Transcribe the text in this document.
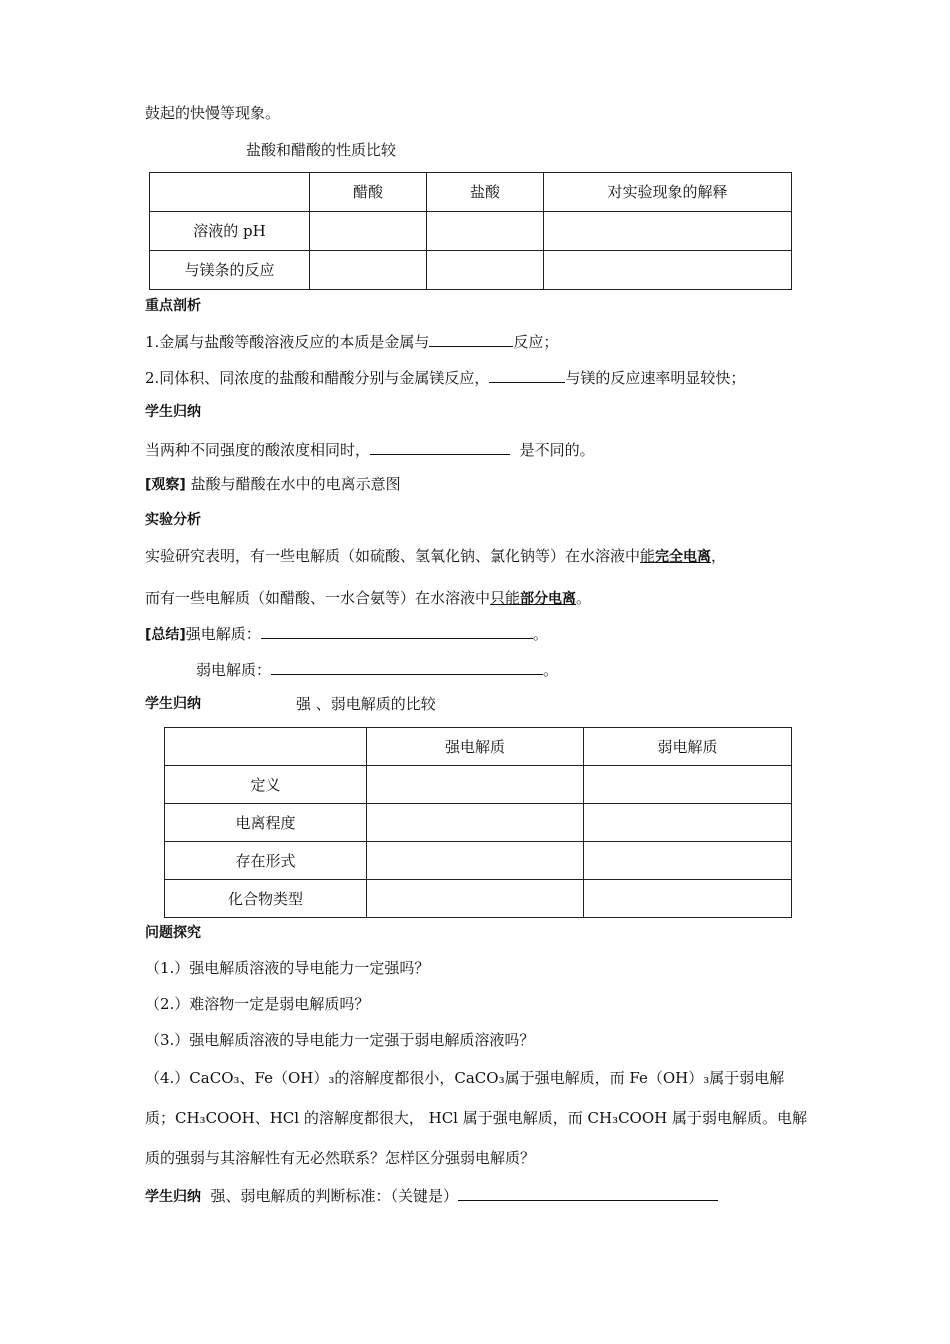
鼓起的快慢等现象。
盐酸和醋酸的性质比较
	醋酸	盐酸	对实验现象的解释
溶液的 pH			
与镁条的反应			
重点剖析
1.金属与盐酸等酸溶液反应的本质是金属与	反应；
2.同体积、同浓度的盐酸和醋酸分别与金属镁反应，	与镁的反应速率明显较快；
学生归纳
当两种不同强度的酸浓度相同时，	是不同的。
[观察] 盐酸与醋酸在水中的电离示意图
实验分析
实验研究表明，有一些电解质（如硫酸、氢氧化钠、氯化钠等）在水溶液中能完全电离，
而有一些电解质（如醋酸、一水合氨等）在水溶液中只能部分电离。
[总结]强电解质：	。
弱电解质：	。
学生归纳	强 、弱电解质的比较
	强电解质	弱电解质
定义		
电离程度		
存在形式		
化合物类型		
问题探究
（1.）强电解质溶液的导电能力一定强吗？
（2.）难溶物一定是弱电解质吗？
（3.）强电解质溶液的导电能力一定强于弱电解质溶液吗？
（4.）CaCO₃、Fe（OH）₃的溶解度都很小，CaCO₃属于强电解质，而 Fe（OH）₃属于弱电解
质；CH₃COOH、HCl 的溶解度都很大， HCl 属于强电解质，而 CH₃COOH 属于弱电解质。电解
质的强弱与其溶解性有无必然联系？怎样区分强弱电解质？
学生归纳 强、弱电解质的判断标准：（关键是）
